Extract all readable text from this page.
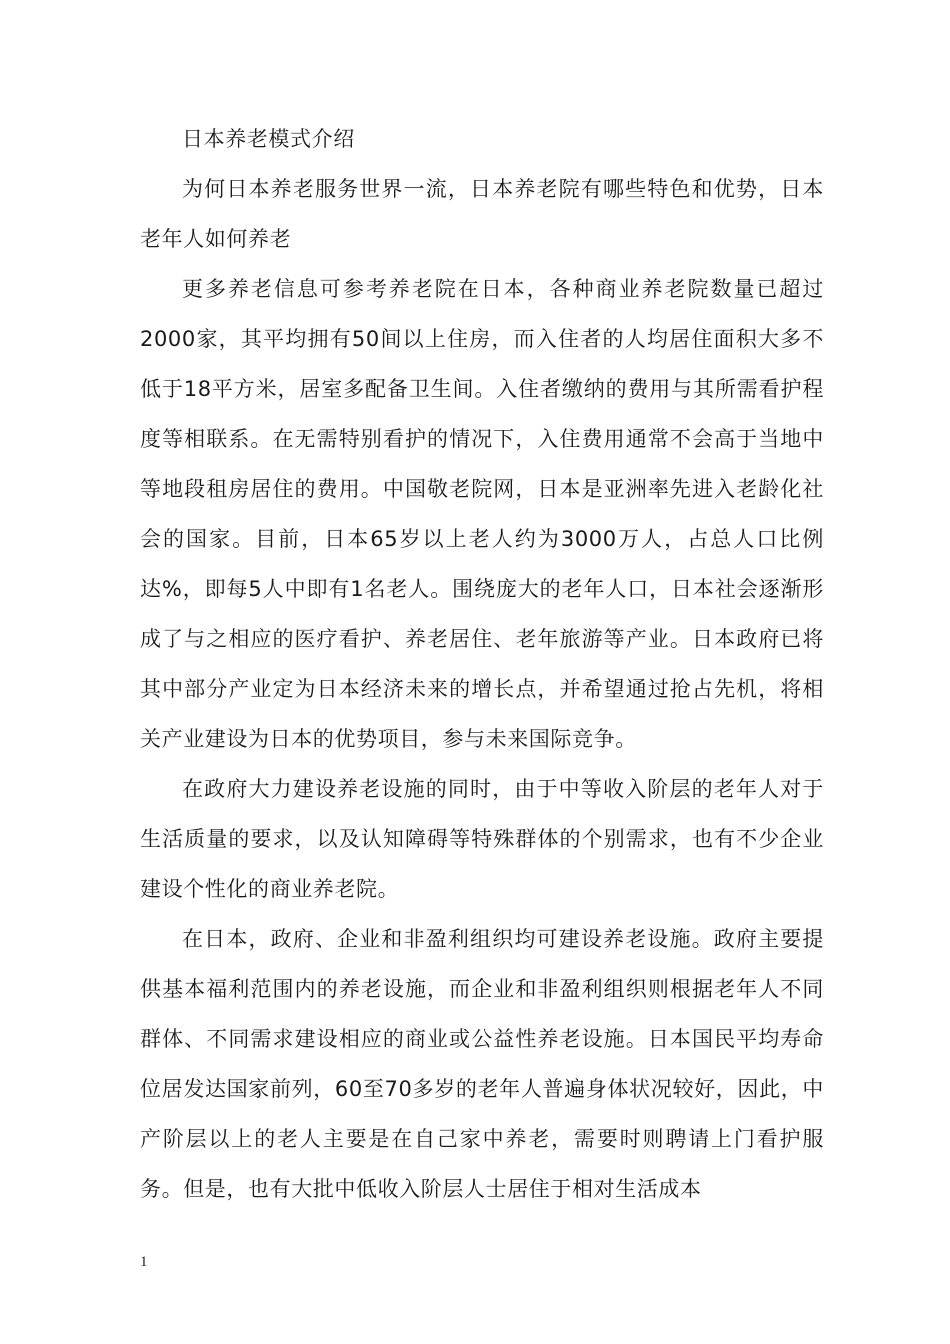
日本养老模式介绍

为何日本养老服务世界一流，日本养老院有哪些特色和优势，日本老年人如何养老

更多养老信息可参考养老院在日本，各种商业养老院数量已超过2000家，其平均拥有50间以上住房，而入住者的人均居住面积大多不低于18平方米，居室多配备卫生间。入住者缴纳的费用与其所需看护程度等相联系。在无需特别看护的情况下，入住费用通常不会高于当地中等地段租房居住的费用。中国敬老院网，日本是亚洲率先进入老龄化社会的国家。目前，日本65岁以上老人约为3000万人，占总人口比例达%，即每5人中即有1名老人。围绕庞大的老年人口，日本社会逐渐形成了与之相应的医疗看护、养老居住、老年旅游等产业。日本政府已将其中部分产业定为日本经济未来的增长点，并希望通过抢占先机，将相关产业建设为日本的优势项目，参与未来国际竞争。

在政府大力建设养老设施的同时，由于中等收入阶层的老年人对于生活质量的要求，以及认知障碍等特殊群体的个别需求，也有不少企业建设个性化的商业养老院。

在日本，政府、企业和非盈利组织均可建设养老设施。政府主要提供基本福利范围内的养老设施，而企业和非盈利组织则根据老年人不同群体、不同需求建设相应的商业或公益性养老设施。日本国民平均寿命位居发达国家前列，60至70多岁的老年人普遍身体状况较好，因此，中产阶层以上的老人主要是在自己家中养老，需要时则聘请上门看护服务。但是，也有大批中低收入阶层人士居住于相对生活成本

1
